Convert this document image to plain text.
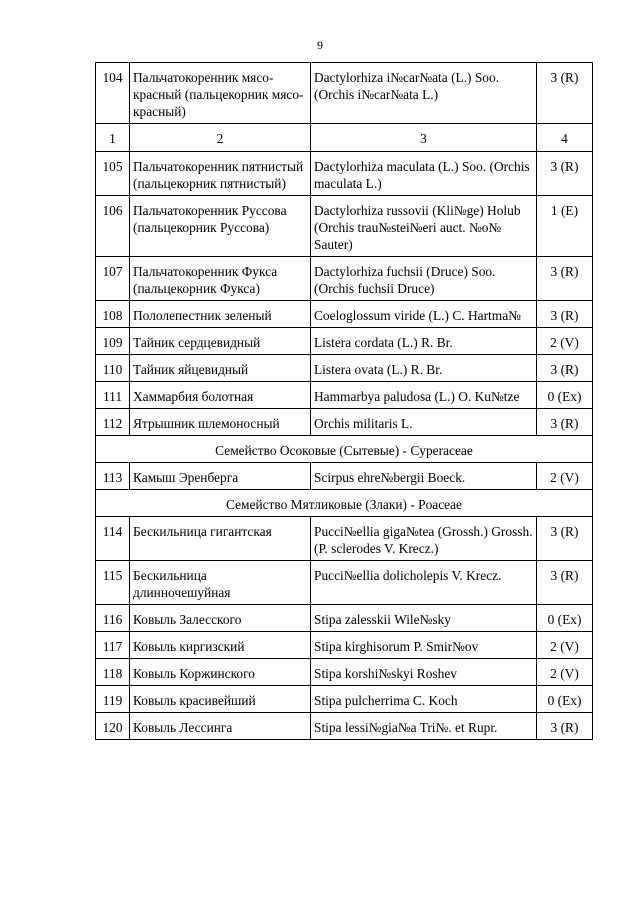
9
104	Пальчатокоренник мясо-красный (пальцекорник мясо- красный)	Dactylorhiza i№car№ata (L.) Soo. (Orchis i№car№ata L.)	3 (R)
1	2	3	4
105	Пальчатокоренник пятнистый (пальцекорник пятнистый)	Dactylorhiza maculata (L.) Soo. (Orchis maculata L.)	3 (R)
106	Пальчатокоренник Руссова (пальцекорник Руссова)	Dactylorhiza russovii (Kli№ge) Holub (Orchis trau№stei№eri auct. №o№ Sauter)	1 (E)
107	Пальчатокоренник Фукса (пальцекорник Фукса)	Dactylorhiza fuchsii (Druce) Soo. (Orchis fuchsii Druce)	3 (R)
108	Пололепестник зеленый	Coeloglossum viride (L.) C. Hartma№	3 (R)
109	Тайник сердцевидный	Listera cordata (L.) R. Br.	2 (V)
110	Тайник яйцевидный	Listera ovata (L.) R. Br.	3 (R)
111	Хаммарбия болотная	Hammarbya paludosa (L.) O. Ku№tze	0 (Ex)
112	Ятрышник шлемоносный	Orchis militaris L.	3 (R)
Семейство Осоковые (Сытевые) - Cyperaceae			
113	Камыш Эренберга	Scirpus ehre№bergii Boeck.	2 (V)
Семейство Мятликовые (Злаки) - Poaceae			
114	Бескильница гигантская	Pucci№ellia giga№tea (Grossh.) Grossh. (P. sclerodes V. Krecz.)	3 (R)
115	Бескильница длинночешуйная	Pucci№ellia dolicholepis V. Krecz.	3 (R)
116	Ковыль Залесского	Stipa zalesskii Wile№sky	0 (Ex)
117	Ковыль киргизский	Stipa kirghisorum P. Smir№ov	2 (V)
118	Ковыль Коржинского	Stipa korshi№skyi Roshev	2 (V)
119	Ковыль красивейший	Stipa pulcherrima C. Koch	0 (Ex)
120	Ковыль Лессинга	Stipa lessi№gia№a Tri№. et Rupr.	3 (R)
